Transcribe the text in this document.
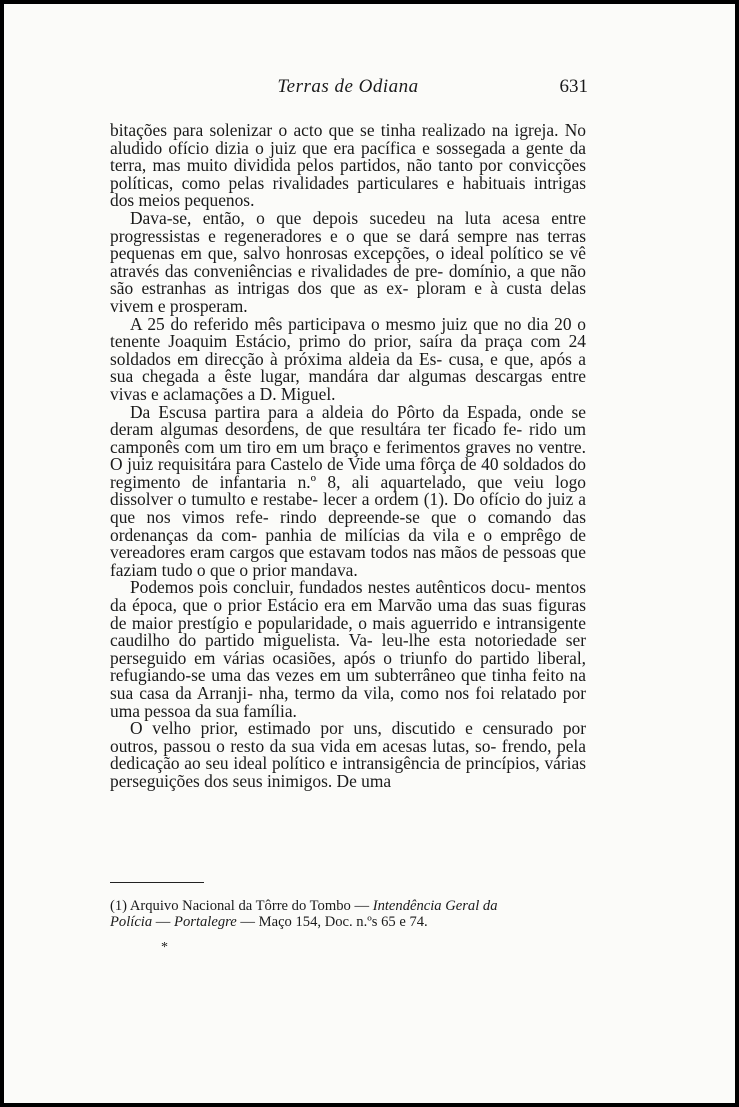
Terras de Odiana	631

bitações para solenizar o acto que se tinha realizado na igreja. No aludido ofício dizia o juiz que era pacífica e sossegada a gente da terra, mas muito dividida pelos partidos, não tanto por convicções políticas, como pelas rivalidades particulares e habituais intrigas dos meios pequenos.

Dava-se, então, o que depois sucedeu na luta acesa entre progressistas e regeneradores e o que se dará sempre nas terras pequenas em que, salvo honrosas excepções, o ideal político se vê através das conveniências e rivalidades de pre- domínio, a que não são estranhas as intrigas dos que as ex- ploram e à custa delas vivem e prosperam.

A 25 do referido mês participava o mesmo juiz que no dia 20 o tenente Joaquim Estácio, primo do prior, saíra da praça com 24 soldados em direcção à próxima aldeia da Es- cusa, e que, após a sua chegada a êste lugar, mandára dar algumas descargas entre vivas e aclamações a D. Miguel.

Da Escusa partira para a aldeia do Pôrto da Espada, onde se deram algumas desordens, de que resultára ter ficado fe- rido um camponês com um tiro em um braço e ferimentos graves no ventre. O juiz requisitára para Castelo de Vide uma fôrça de 40 soldados do regimento de infantaria n.º 8, ali aquartelado, que veiu logo dissolver o tumulto e restabe- lecer a ordem (1). Do ofício do juiz a que nos vimos refe- rindo depreende-se que o comando das ordenanças da com- panhia de milícias da vila e o emprêgo de vereadores eram cargos que estavam todos nas mãos de pessoas que faziam tudo o que o prior mandava.

Podemos pois concluir, fundados nestes autênticos docu- mentos da época, que o prior Estácio era em Marvão uma das suas figuras de maior prestígio e popularidade, o mais aguerrido e intransigente caudilho do partido miguelista. Va- leu-lhe esta notoriedade ser perseguido em várias ocasiões, após o triunfo do partido liberal, refugiando-se uma das vezes em um subterrâneo que tinha feito na sua casa da Arranji- nha, termo da vila, como nos foi relatado por uma pessoa da sua família.

O velho prior, estimado por uns, discutido e censurado por outros, passou o resto da sua vida em acesas lutas, so- frendo, pela dedicação ao seu ideal político e intransigência de princípios, várias perseguições dos seus inimigos. De uma

(1) Arquivo Nacional da Tôrre do Tombo — Intendência Geral da
Polícia — Portalegre — Maço 154, Doc. n.ºs 65 e 74.
*
